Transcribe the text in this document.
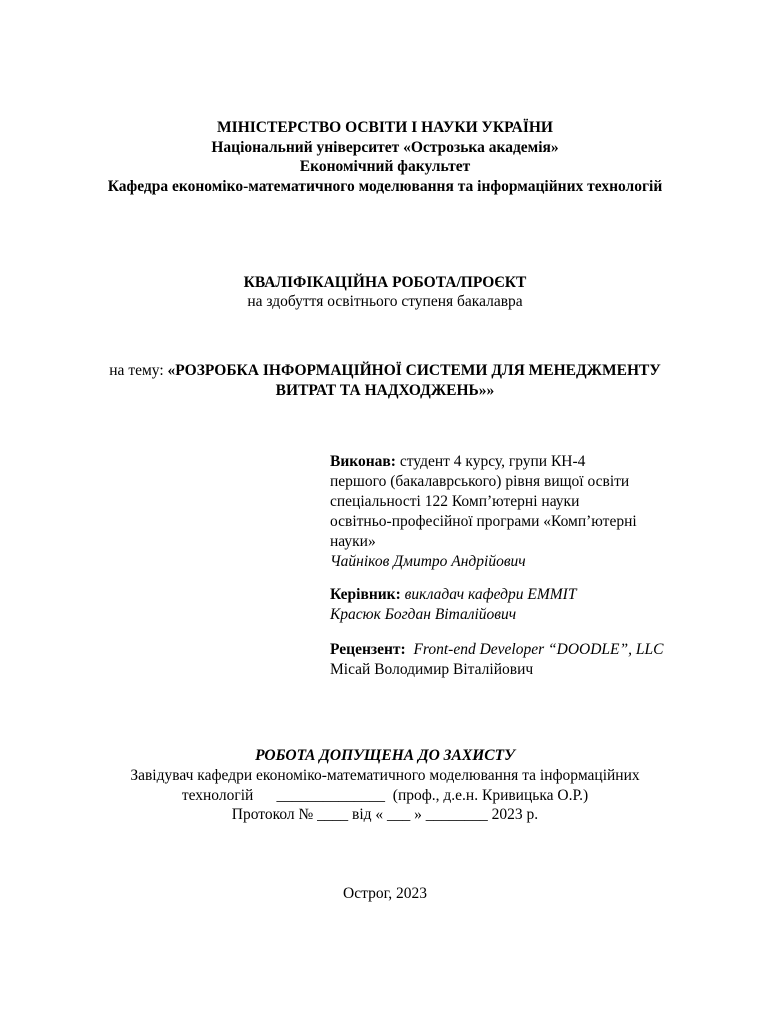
МІНІСТЕРСТВО ОСВІТИ І НАУКИ УКРАЇНИ
Національний університет «Острозька академія»
Економічний факультет
Кафедра економіко-математичного моделювання та інформаційних технологій
КВАЛІФІКАЦІЙНА РОБОТА/ПРОЄКТ
на здобуття освітнього ступеня бакалавра
на тему: «РОЗРОБКА ІНФОРМАЦІЙНОЇ СИСТЕМИ ДЛЯ МЕНЕДЖМЕНТУ
ВИТРАТ ТА НАДХОДЖЕНЬ»»
Виконав: студент 4 курсу, групи КН-4
першого (бакалаврського) рівня вищої освіти
спеціальності 122 Комп’ютерні науки
освітньо-професійної програми «Комп’ютерні
науки»
Чайніков Дмитро Андрійович
Керівник: викладач кафедри ЕММІТ
Красюк Богдан Віталійович
Рецензент:  Front-end Developer “DOODLE”, LLC
Місай Володимир Віталійович
РОБОТА ДОПУЩЕНА ДО ЗАХИСТУ
Завідувач кафедри економіко-математичного моделювання та інформаційних
технологій      ______________  (проф., д.е.н. Кривицька О.Р.)
Протокол № ____ від « ___ » ________ 2023 р.
Острог, 2023
